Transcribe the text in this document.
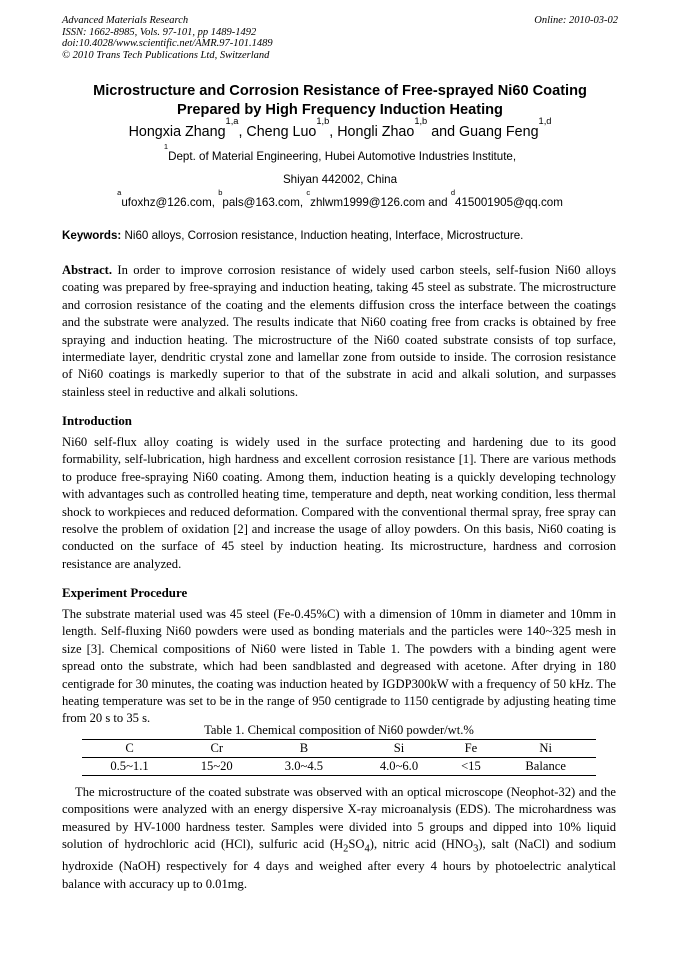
Advanced Materials Research
ISSN: 1662-8985, Vols. 97-101, pp 1489-1492
doi:10.4028/www.scientific.net/AMR.97-101.1489
© 2010 Trans Tech Publications Ltd, Switzerland
Online: 2010-03-02
Microstructure and Corrosion Resistance of Free-sprayed Ni60 Coating
Prepared by High Frequency Induction Heating
Hongxia Zhang$^{1,a}$, Cheng Luo$^{1,b}$, Hongli Zhao$^{1,b}$ and Guang Feng$^{1,d}$
$^1$Dept. of Material Engineering, Hubei Automotive Industries Institute,
Shiyan 442002, China
$^a$ufoxhz@126.com, $^b$pals@163.com, $^c$zhlwm1999@126.com and $^d$415001905@qq.com
Keywords: Ni60 alloys, Corrosion resistance, Induction heating, Interface, Microstructure.
Abstract. In order to improve corrosion resistance of widely used carbon steels, self-fusion Ni60 alloys coating was prepared by free-spraying and induction heating, taking 45 steel as substrate. The microstructure and corrosion resistance of the coating and the elements diffusion cross the interface between the coatings and the substrate were analyzed. The results indicate that Ni60 coating free from cracks is obtained by free spraying and induction heating. The microstructure of the Ni60 coated substrate consists of top surface, intermediate layer, dendritic crystal zone and lamellar zone from outside to inside. The corrosion resistance of Ni60 coatings is markedly superior to that of the substrate in acid and alkali solution, and surpasses stainless steel in reductive and alkali solutions.
Introduction
Ni60 self-flux alloy coating is widely used in the surface protecting and hardening due to its good formability, self-lubrication, high hardness and excellent corrosion resistance [1]. There are various methods to produce free-spraying Ni60 coating. Among them, induction heating is a quickly developing technology with advantages such as controlled heating time, temperature and depth, neat working condition, less thermal shock to workpieces and reduced deformation. Compared with the conventional thermal spray, free spray can resolve the problem of oxidation [2] and increase the usage of alloy powders. On this basis, Ni60 coating is conducted on the surface of 45 steel by induction heating. Its microstructure, hardness and corrosion resistance are analyzed.
Experiment Procedure
The substrate material used was 45 steel (Fe-0.45%C) with a dimension of 10mm in diameter and 10mm in length. Self-fluxing Ni60 powders were used as bonding materials and the particles were 140~325 mesh in size [3]. Chemical compositions of Ni60 were listed in Table 1. The powders with a binding agent were spread onto the substrate, which had been sandblasted and degreased with acetone. After drying in 180 centigrade for 30 minutes, the coating was induction heated by IGDP300kW with a frequency of 50 kHz. The heating temperature was set to be in the range of 950 centigrade to 1150 centigrade by adjusting heating time from 20 s to 35 s.
Table 1. Chemical composition of Ni60 powder/wt.%
C	Cr	B	Si	Fe	Ni
0.5~1.1	15~20	3.0~4.5	4.0~6.0	<15	Balance
The microstructure of the coated substrate was observed with an optical microscope (Neophot-32) and the compositions were analyzed with an energy dispersive X-ray microanalysis (EDS). The microhardness was measured by HV-1000 hardness tester. Samples were divided into 5 groups and dipped into 10% liquid solution of hydrochloric acid (HCl), sulfuric acid $(H_2SO_4)$, nitric acid $(HNO_3)$, salt (NaCl) and sodium hydroxide (NaOH) respectively for 4 days and weighed after every 4 hours by photoelectric analytical balance with accuracy up to 0.01mg.
